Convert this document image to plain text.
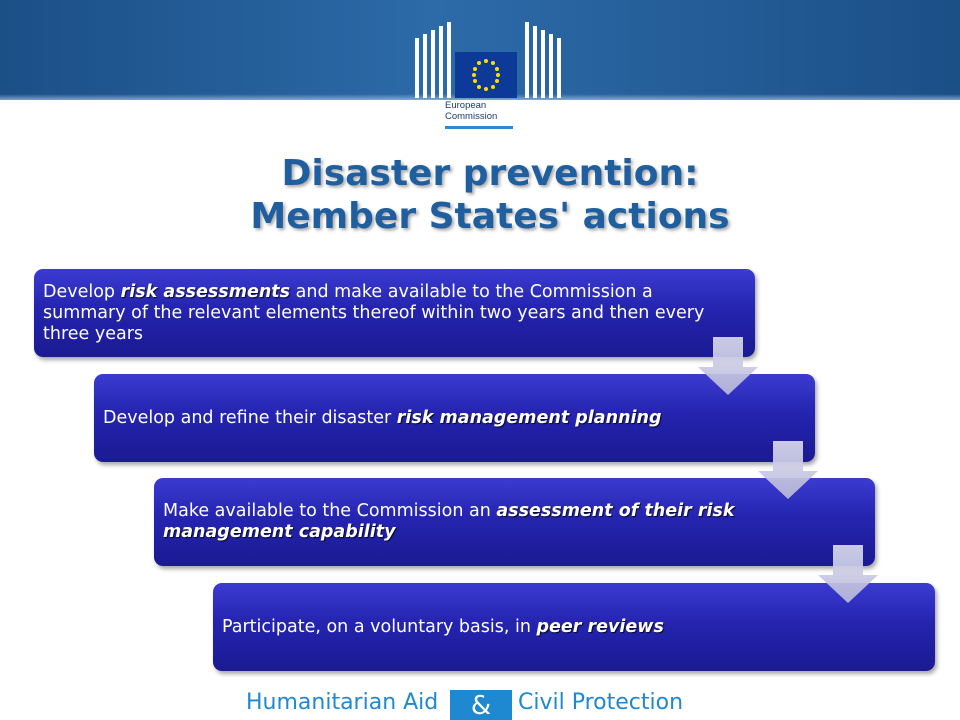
European
Commission
Disaster prevention:
Member States' actions
Develop risk assessments and make available to the Commission a summary of the relevant elements thereof within two years and then every three years
Develop and refine their disaster risk management planning
Make available to the Commission an assessment of their risk management capability
Participate, on a voluntary basis, in peer reviews
Humanitarian Aid	&	Civil Protection
